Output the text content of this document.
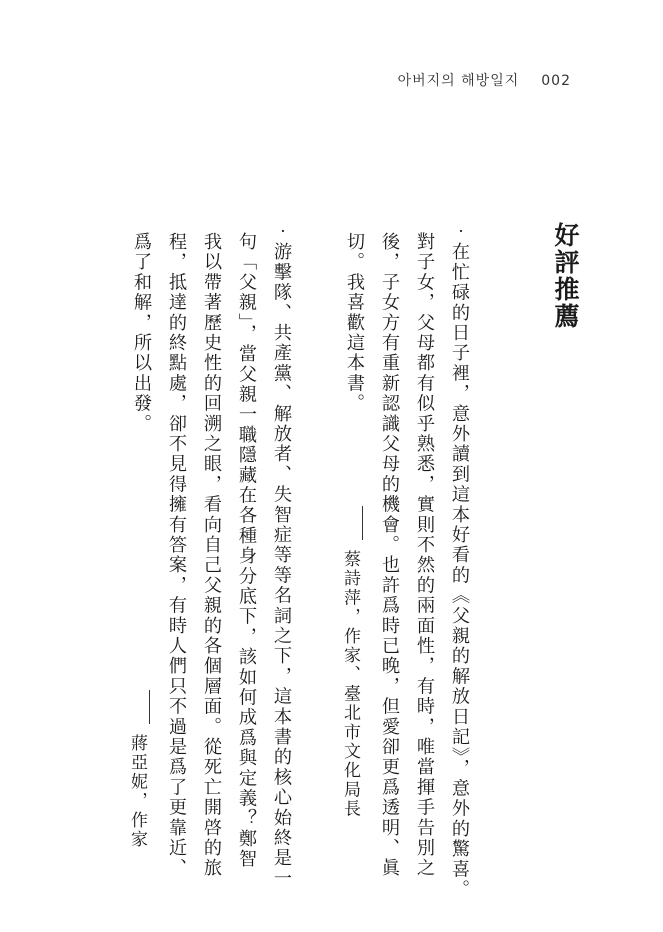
아버지의 해방일지 002
好評推薦
‧在忙碌的日子裡，意外讀到這本好看的《父親的解放日記》，意外的驚喜。
對子女，父母都有似乎熟悉，實則不然的兩面性，有時，唯當揮手告別之
後，子女方有重新認識父母的機會。也許爲時已晚，但愛卻更爲透明、眞
切。我喜歡這本書。
蔡詩萍，作家、臺北市文化局長
‧游擊隊、共產黨、解放者、失智症等等名詞之下，這本書的核心始終是一
句「父親」，當父親一職隱藏在各種身分底下，該如何成爲與定義？鄭智
我以帶著歷史性的回溯之眼，看向自己父親的各個層面。從死亡開啓的旅
程，抵達的終點處，卻不見得擁有答案，有時人們只不過是爲了更靠近、
爲了和解，所以出發。
蔣亞妮，作家
